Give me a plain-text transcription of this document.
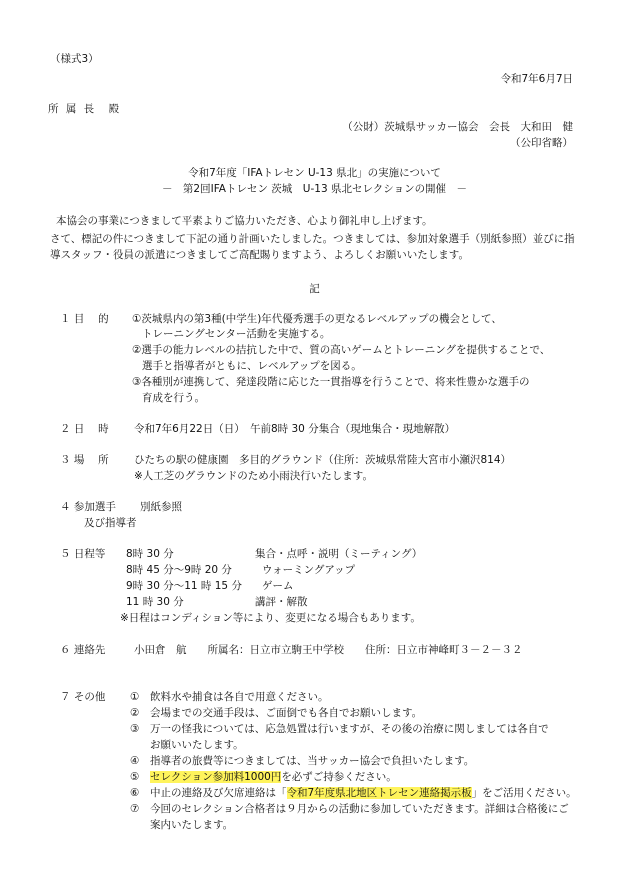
（様式3）
令和7年6月7日
所 属 長　殿
（公財）茨城県サッカー協会　会長　大和田　健
（公印省略）
令和7年度「IFAトレセン U-13 県北」の実施について
－　第2回IFAトレセン 茨城　U-13 県北セレクションの開催　－
本協会の事業につきまして平素よりご協力いただき、心より御礼申し上げます。
さて、標記の件につきまして下記の通り計画いたしました。つきましては、参加対象選手（別紙参照）並びに指
導スタッフ・役員の派遣につきましてご高配賜りますよう、よろしくお願いいたします。
記
１ 目　 的 ①茨城県内の第3種(中学生)年代優秀選手の更なるレベルアップの機会として、
トレーニングセンター活動を実施する。
②選手の能力レベルの拮抗した中で、質の高いゲームとトレーニングを提供することで、
選手と指導者がともに、レベルアップを図る。
③各種別が連携して、発達段階に応じた一貫指導を行うことで、将来性豊かな選手の
育成を行う。
２ 日　 時 令和7年6月22日（日）　午前8時 30 分集合（現地集合・現地解散）
３ 場　 所 ひたちの駅の健康園　多目的グラウンド（住所：茨城県常陸大宮市小瀬沢814）
※人工芝のグラウンドのため小雨決行いたします。
４ 参加選手 別紙参照
及び指導者
５ 日程等 8時 30 分	集合・点呼・説明（ミーティング）
8時 45 分～9時 20 分	ウォーミングアップ
9時 30 分～11 時 15 分 ゲーム
11 時 30 分	講評・解散
※日程はコンディション等により、変更になる場合もあります。
６ 連絡先	小田倉　航　　所属名：日立市立駒王中学校　　住所：日立市神峰町３－２－３２
７ その他 ① 飲料水や捕食は各自で用意ください。
② 会場までの交通手段は、ご面倒でも各自でお願いします。
③ 万一の怪我については、応急処置は行いますが、その後の治療に関しましては各自で
お願いいたします。
④ 指導者の旅費等につきましては、当サッカー協会で負担いたします。
⑤ セレクション参加料1000円を必ずご持参ください。
⑥ 中止の連絡及び欠席連絡は「令和7年度県北地区トレセン連絡掲示板」をご活用ください。
⑦ 今回のセレクション合格者は９月からの活動に参加していただきます。詳細は合格後にご
案内いたします。
